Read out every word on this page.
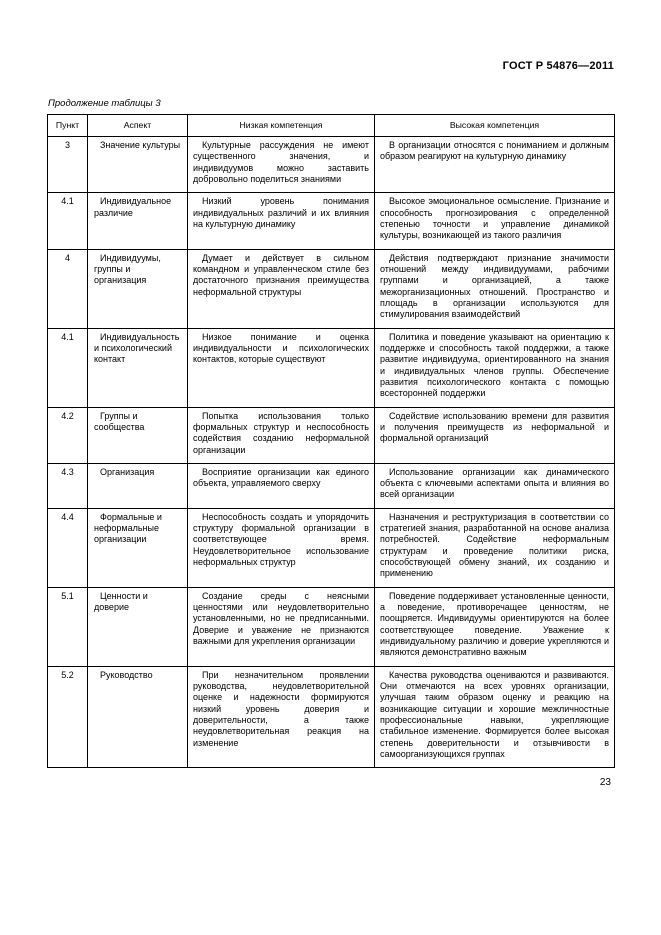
ГОСТ Р 54876—2011
Продолжение таблицы 3
Пункт	Аспект	Низкая компетенция	Высокая компетенция
3	Значение культуры	Культурные рассуждения не имеют существенного значения, и индивидуумов можно заставить добровольно поделиться знаниями	В организации относятся с пониманием и должным образом реагируют на культурную динамику
4.1	Индивидуальное различие	Низкий уровень понимания индивидуальных различий и их влияния на культурную динамику	Высокое эмоциональное осмысление. Признание и способность прогнозирования с определенной степенью точности и управление динамикой культуры, возникающей из такого различия
4	Индивидуумы, группы и организация	Думает и действует в сильном командном и управленческом стиле без достаточного признания преимущества неформальной структуры	Действия подтверждают признание значимости отношений между индивидуумами, рабочими группами и организацией, а также межорганизационных отношений. Пространство и площадь в организации используются для стимулирования взаимодействий
4.1	Индивидуальность и психологический контакт	Низкое понимание и оценка индивидуальности и психологических контактов, которые существуют	Политика и поведение указывают на ориентацию к поддержке и способность такой поддержки, а также развитие индивидуума, ориентированного на знания и индивидуальных членов группы. Обеспечение развития психологического контакта с помощью всесторонней поддержки
4.2	Группы и сообщества	Попытка использования только формальных структур и неспособность содействия созданию неформальной организации	Содействие использованию времени для развития и получения преимуществ из неформальной и формальной организаций
4.3	Организация	Восприятие организации как единого объекта, управляемого сверху	Использование организации как динамического объекта с ключевыми аспектами опыта и влияния во всей организации
4.4	Формальные и неформальные организации	Неспособность создать и упорядочить структуру формальной организации в соответствующее время. Неудовлетворительное использование неформальных структур	Назначения и реструктуризация в соответствии со стратегией знания, разработанной на основе анализа потребностей. Содействие неформальным структурам и проведение политики риска, способствующей обмену знаний, их созданию и применению
5.1	Ценности и доверие	Создание среды с неясными ценностями или неудовлетворительно установленными, но не предписанными. Доверие и уважение не признаются важными для укрепления организации	Поведение поддерживает установленные ценности, а поведение, противоречащее ценностям, не поощряется. Индивидуумы ориентируются на более соответствующее поведение. Уважение к индивидуальному различию и доверие укрепляются и являются демонстративно важным
5.2	Руководство	При незначительном проявлении руководства, неудовлетворительной оценке и надежности формируются низкий уровень доверия и доверительности, а также неудовлетворительная реакция на изменение	Качества руководства оцениваются и развиваются. Они отмечаются на всех уровнях организации, улучшая таким образом оценку и реакцию на возникающие ситуации и хорошие межличностные профессиональные навыки, укрепляющие стабильное изменение. Формируется более высокая степень доверительности и отзывчивости в самоорганизующихся группах
23
